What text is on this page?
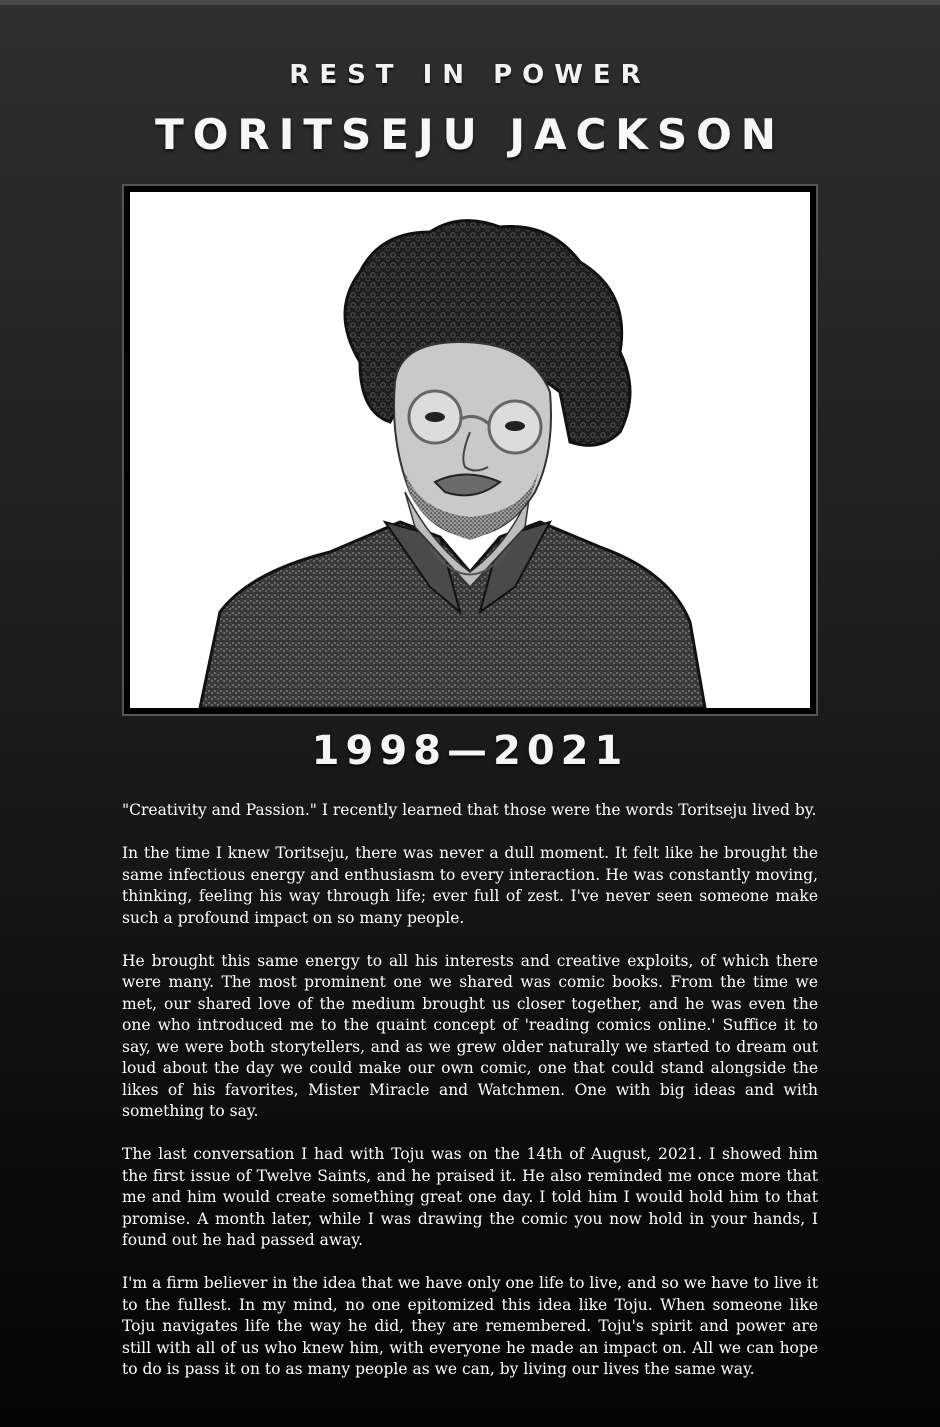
REST IN POWER
TORITSEJU JACKSON
1998—2021

"Creativity and Passion." I recently learned that those were the words Toritseju lived by.

In the time I knew Toritseju, there was never a dull moment. It felt like he brought the same infectious energy and enthusiasm to every interaction. He was constantly moving, thinking, feeling his way through life; ever full of zest. I've never seen someone make such a profound impact on so many people.

He brought this same energy to all his interests and creative exploits, of which there were many. The most prominent one we shared was comic books. From the time we met, our shared love of the medium brought us closer together, and he was even the one who introduced me to the quaint concept of 'reading comics online.' Suffice it to say, we were both storytellers, and as we grew older naturally we started to dream out loud about the day we could make our own comic, one that could stand alongside the likes of his favorites, Mister Miracle and Watchmen. One with big ideas and with something to say.

The last conversation I had with Toju was on the 14th of August, 2021. I showed him the first issue of Twelve Saints, and he praised it. He also reminded me once more that me and him would create something great one day. I told him I would hold him to that promise. A month later, while I was drawing the comic you now hold in your hands, I found out he had passed away.

I'm a firm believer in the idea that we have only one life to live, and so we have to live it to the fullest. In my mind, no one epitomized this idea like Toju. When someone like Toju navigates life the way he did, they are remembered. Toju's spirit and power are still with all of us who knew him, with everyone he made an impact on. All we can hope to do is pass it on to as many people as we can, by living our lives the same way.
